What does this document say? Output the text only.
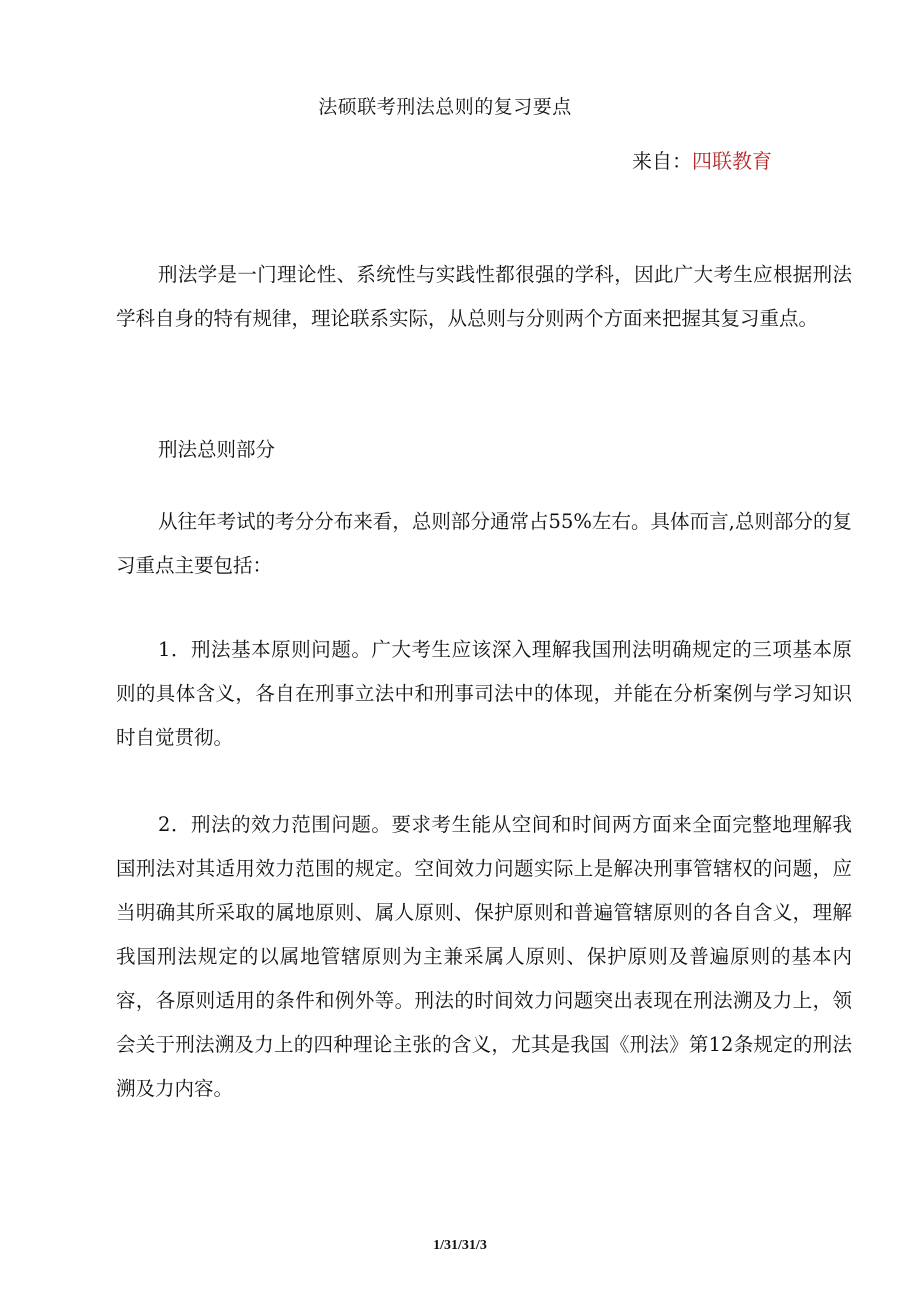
法硕联考刑法总则的复习要点
来自：四联教育

刑法学是一门理论性、系统性与实践性都很强的学科，因此广大考生应根据刑法学科自身的特有规律，理论联系实际，从总则与分则两个方面来把握其复习重点。

刑法总则部分

从往年考试的考分分布来看，总则部分通常占55%左右。具体而言,总则部分的复习重点主要包括：

1．刑法基本原则问题。广大考生应该深入理解我国刑法明确规定的三项基本原则的具体含义，各自在刑事立法中和刑事司法中的体现，并能在分析案例与学习知识时自觉贯彻。

2．刑法的效力范围问题。要求考生能从空间和时间两方面来全面完整地理解我国刑法对其适用效力范围的规定。空间效力问题实际上是解决刑事管辖权的问题，应当明确其所采取的属地原则、属人原则、保护原则和普遍管辖原则的各自含义，理解我国刑法规定的以属地管辖原则为主兼采属人原则、保护原则及普遍原则的基本内容，各原则适用的条件和例外等。刑法的时间效力问题突出表现在刑法溯及力上，领会关于刑法溯及力上的四种理论主张的含义，尤其是我国《刑法》第12条规定的刑法溯及力内容。

1/31/31/3
